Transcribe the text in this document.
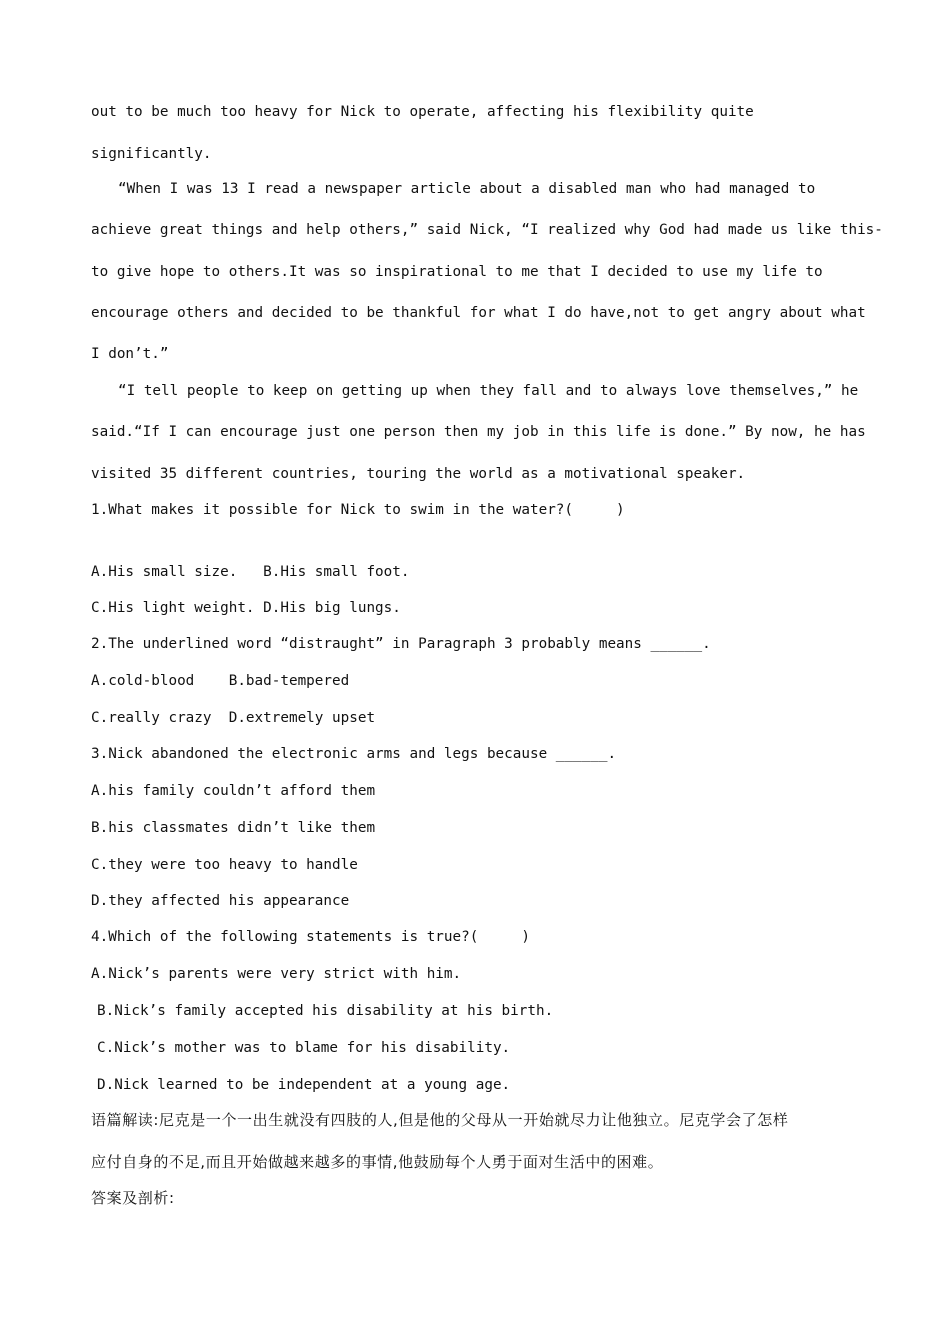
out to be much too heavy for Nick to operate, affecting his flexibility quite
significantly.
“When I was 13 I read a newspaper article about a disabled man who had managed to
achieve great things and help others,” said Nick, “I realized why God had made us like this-
to give hope to others.It was so inspirational to me that I decided to use my life to
encourage others and decided to be thankful for what I do have,not to get angry about what
I don’t.”
“I tell people to keep on getting up when they fall and to always love themselves,” he
said.“If I can encourage just one person then my job in this life is done.” By now, he has
visited 35 different countries, touring the world as a motivational speaker.
1.What makes it possible for Nick to swim in the water?(     )
A.His small size.   B.His small foot.
C.His light weight. D.His big lungs.
2.The underlined word “distraught” in Paragraph 3 probably means ______.
A.cold-blood    B.bad-tempered
C.really crazy  D.extremely upset
3.Nick abandoned the electronic arms and legs because ______.
A.his family couldn’t afford them
B.his classmates didn’t like them
C.they were too heavy to handle
D.they affected his appearance
4.Which of the following statements is true?(     )
A.Nick’s parents were very strict with him.
B.Nick’s family accepted his disability at his birth.
C.Nick’s mother was to blame for his disability.
D.Nick learned to be independent at a young age.
语篇解读:尼克是一个一出生就没有四肢的人,但是他的父母从一开始就尽力让他独立。尼克学会了怎样
应付自身的不足,而且开始做越来越多的事情,他鼓励每个人勇于面对生活中的困难。
答案及剖析:
